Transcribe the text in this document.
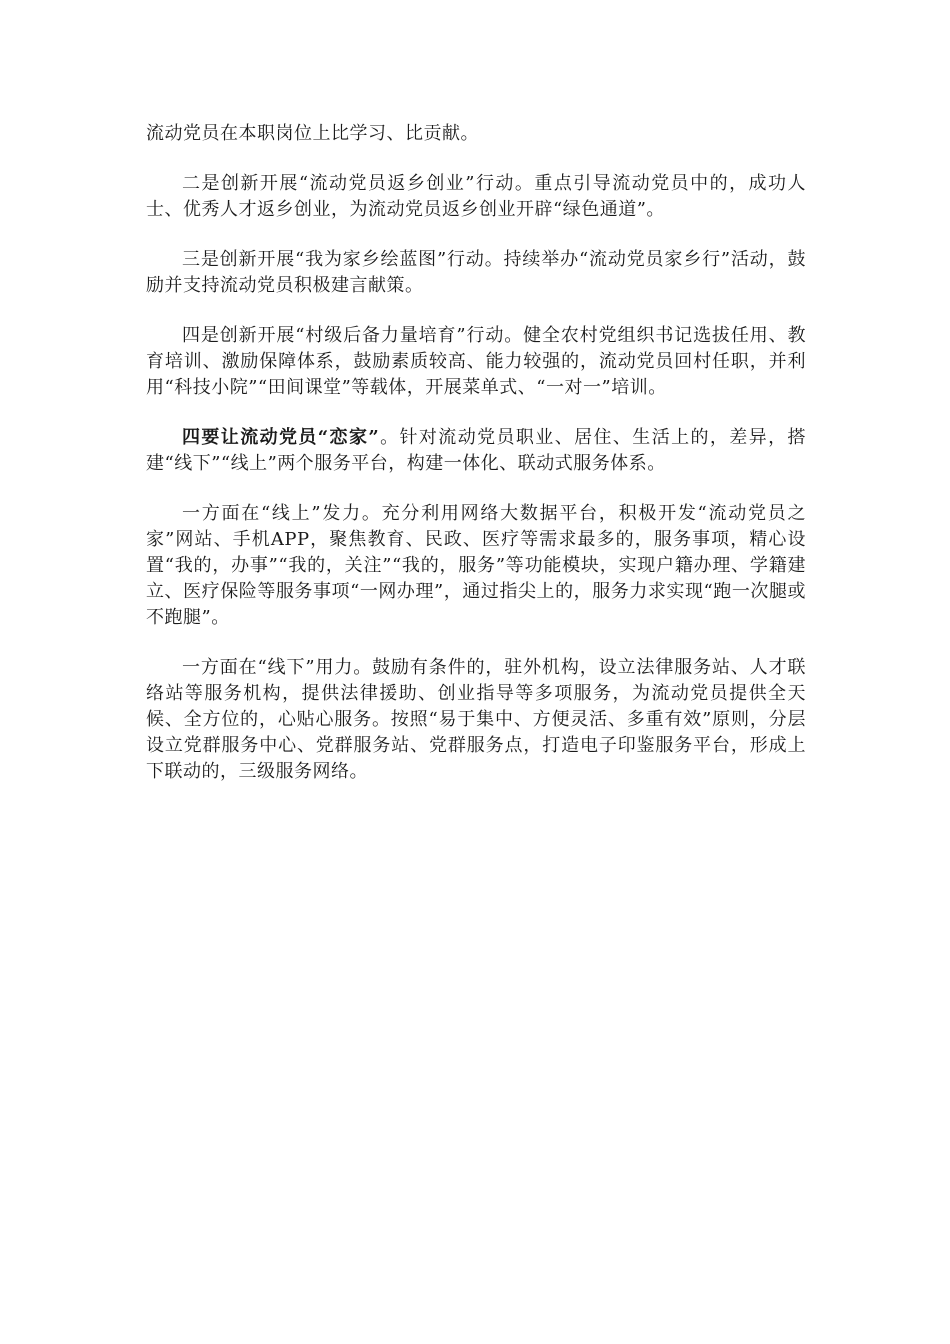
流动党员在本职岗位上比学习、比贡献。

二是创新开展“流动党员返乡创业”行动。重点引导流动党员中的，成功人士、优秀人才返乡创业，为流动党员返乡创业开辟“绿色通道”。

三是创新开展“我为家乡绘蓝图”行动。持续举办“流动党员家乡行”活动，鼓励并支持流动党员积极建言献策。

四是创新开展“村级后备力量培育”行动。健全农村党组织书记选拔任用、教育培训、激励保障体系，鼓励素质较高、能力较强的，流动党员回村任职，并利用“科技小院”“田间课堂”等载体，开展菜单式、“一对一”培训。

四要让流动党员“恋家”。针对流动党员职业、居住、生活上的，差异，搭建“线下”“线上”两个服务平台，构建一体化、联动式服务体系。

一方面在“线上”发力。充分利用网络大数据平台，积极开发“流动党员之家”网站、手机APP，聚焦教育、民政、医疗等需求最多的，服务事项，精心设置“我的，办事”“我的，关注”“我的，服务”等功能模块，实现户籍办理、学籍建立、医疗保险等服务事项“一网办理”，通过指尖上的，服务力求实现“跑一次腿或不跑腿”。

一方面在“线下”用力。鼓励有条件的，驻外机构，设立法律服务站、人才联络站等服务机构，提供法律援助、创业指导等多项服务，为流动党员提供全天候、全方位的，心贴心服务。按照“易于集中、方便灵活、多重有效”原则，分层设立党群服务中心、党群服务站、党群服务点，打造电子印鉴服务平台，形成上下联动的，三级服务网络。
